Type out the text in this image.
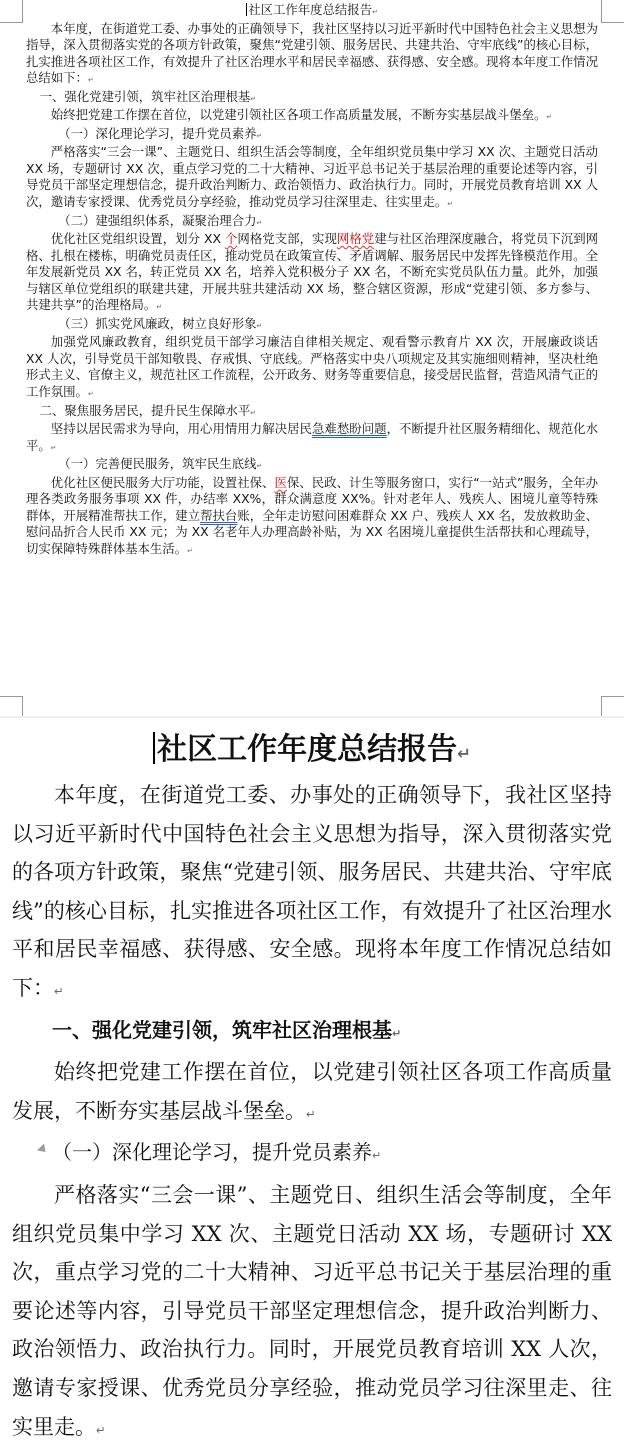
社区工作年度总结报告↵

本年度，在街道党工委、办事处的正确领导下，我社区坚持以习近平新时代中国特色社会主义思想为指导，深入贯彻落实党的各项方针政策，聚焦“党建引领、服务居民、共建共治、守牢底线”的核心目标，扎实推进各项社区工作，有效提升了社区治理水平和居民幸福感、获得感、安全感。现将本年度工作情况总结如下：↵

一、强化党建引领，筑牢社区治理根基↵

始终把党建工作摆在首位，以党建引领社区各项工作高质量发展，不断夯实基层战斗堡垒。↵

（一）深化理论学习，提升党员素养↵

严格落实“三会一课”、主题党日、组织生活会等制度，全年组织党员集中学习 XX 次、主题党日活动 XX 场，专题研讨 XX 次，重点学习党的二十大精神、习近平总书记关于基层治理的重要论述等内容，引导党员干部坚定理想信念，提升政治判断力、政治领悟力、政治执行力。同时，开展党员教育培训 XX 人次，邀请专家授课、优秀党员分享经验，推动党员学习往深里走、往实里走。↵

（二）建强组织体系，凝聚治理合力↵

优化社区党组织设置，划分 XX 个网格党支部，实现网格党建与社区治理深度融合，将党员下沉到网格、扎根在楼栋，明确党员责任区，推动党员在政策宣传、矛盾调解、服务居民中发挥先锋模范作用。全年发展新党员 XX 名，转正党员 XX 名，培养入党积极分子 XX 名，不断充实党员队伍力量。此外，加强与辖区单位党组织的联建共建，开展共驻共建活动 XX 场，整合辖区资源，形成“党建引领、多方参与、共建共享”的治理格局。↵

（三）抓实党风廉政，树立良好形象↵

加强党风廉政教育，组织党员干部学习廉洁自律相关规定、观看警示教育片 XX 次，开展廉政谈话 XX 人次，引导党员干部知敬畏、存戒惧、守底线。严格落实中央八项规定及其实施细则精神，坚决杜绝形式主义、官僚主义，规范社区工作流程，公开政务、财务等重要信息，接受居民监督，营造风清气正的工作氛围。↵

二、聚焦服务居民，提升民生保障水平↵

坚持以居民需求为导向，用心用情用力解决居民急难愁盼问题，不断提升社区服务精细化、规范化水平。↵

（一）完善便民服务，筑牢民生底线↵

优化社区便民服务大厅功能，设置社保、医保、民政、计生等服务窗口，实行“一站式”服务，全年办理各类政务服务事项 XX 件，办结率 XX%，群众满意度 XX%。针对老年人、残疾人、困境儿童等特殊群体，开展精准帮扶工作，建立帮扶台账，全年走访慰问困难群众 XX 户、残疾人 XX 名，发放救助金、慰问品折合人民币 XX 元；为 XX 名老年人办理高龄补贴，为 XX 名困境儿童提供生活帮扶和心理疏导，切实保障特殊群体基本生活。↵

社区工作年度总结报告↵

本年度，在街道党工委、办事处的正确领导下，我社区坚持以习近平新时代中国特色社会主义思想为指导，深入贯彻落实党的各项方针政策，聚焦“党建引领、服务居民、共建共治、守牢底线”的核心目标，扎实推进各项社区工作，有效提升了社区治理水平和居民幸福感、获得感、安全感。现将本年度工作情况总结如下：↵

一、强化党建引领，筑牢社区治理根基↵

始终把党建工作摆在首位，以党建引领社区各项工作高质量发展，不断夯实基层战斗堡垒。↵

（一）深化理论学习，提升党员素养↵

严格落实“三会一课”、主题党日、组织生活会等制度，全年组织党员集中学习 XX 次、主题党日活动 XX 场，专题研讨 XX 次，重点学习党的二十大精神、习近平总书记关于基层治理的重要论述等内容，引导党员干部坚定理想信念，提升政治判断力、政治领悟力、政治执行力。同时，开展党员教育培训 XX 人次，邀请专家授课、优秀党员分享经验，推动党员学习往深里走、往实里走。↵
